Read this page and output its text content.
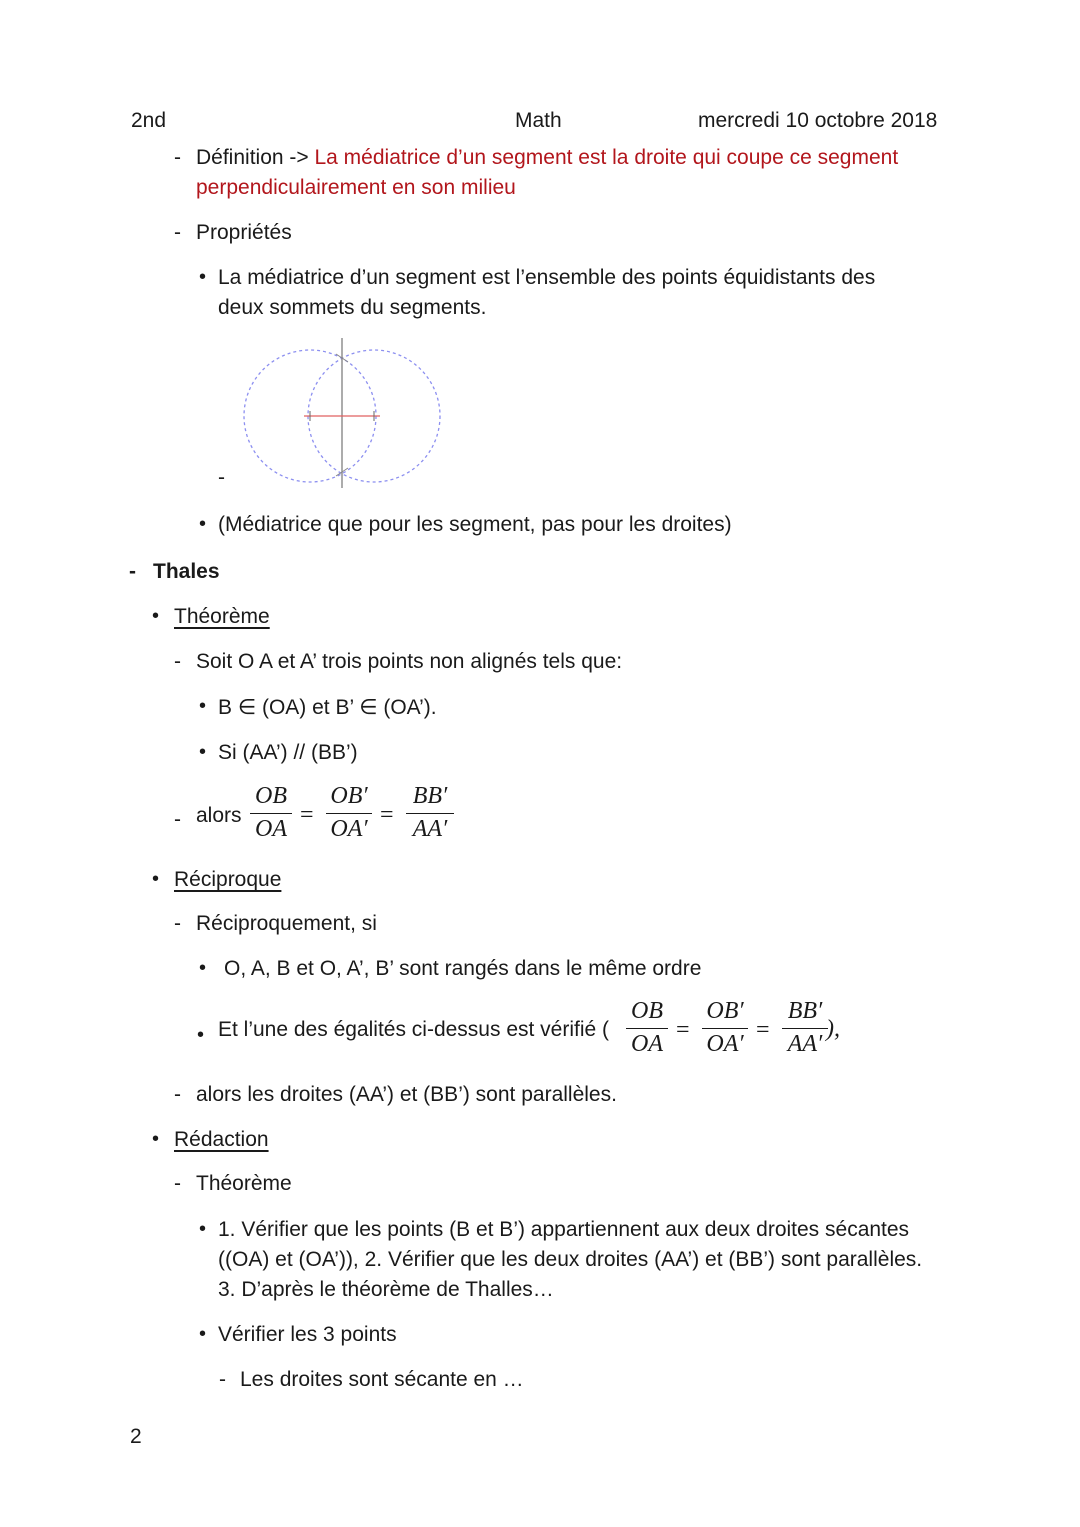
2nd	Math	mercredi 10 octobre 2018
- Définition -> La médiatrice d’un segment est la droite qui coupe ce segment
perpendiculairement en son milieu
- Propriétés
• La médiatrice d’un segment est l’ensemble des points équidistants des
deux sommets du segments.
-
• (Médiatrice que pour les segment, pas pour les droites)
- Thales
• Théorème
- Soit O A et A’ trois points non alignés tels que:
• B ∈ (OA) et B’ ∈ (OA’).
• Si (AA’) // (BB’)
- alors
OB
OA
=
OB′
OA′
=
BB′
AA′
• Réciproque
- Réciproquement, si
• O, A, B et O, A’, B’ sont rangés dans le même ordre
• Et l’une des égalités ci-dessus est vérifié (
OB
OA
=
OB′
OA′
=
BB′
AA′
),
- alors les droites (AA’) et (BB’) sont parallèles.
• Rédaction
- Théorème
• 1. Vérifier que les points (B et B’) appartiennent aux deux droites sécantes
((OA) et (OA’)), 2. Vérifier que les deux droites (AA’) et (BB’) sont parallèles.
3. D’après le théorème de Thalles…
• Vérifier les 3 points
- Les droites sont sécante en …
2
